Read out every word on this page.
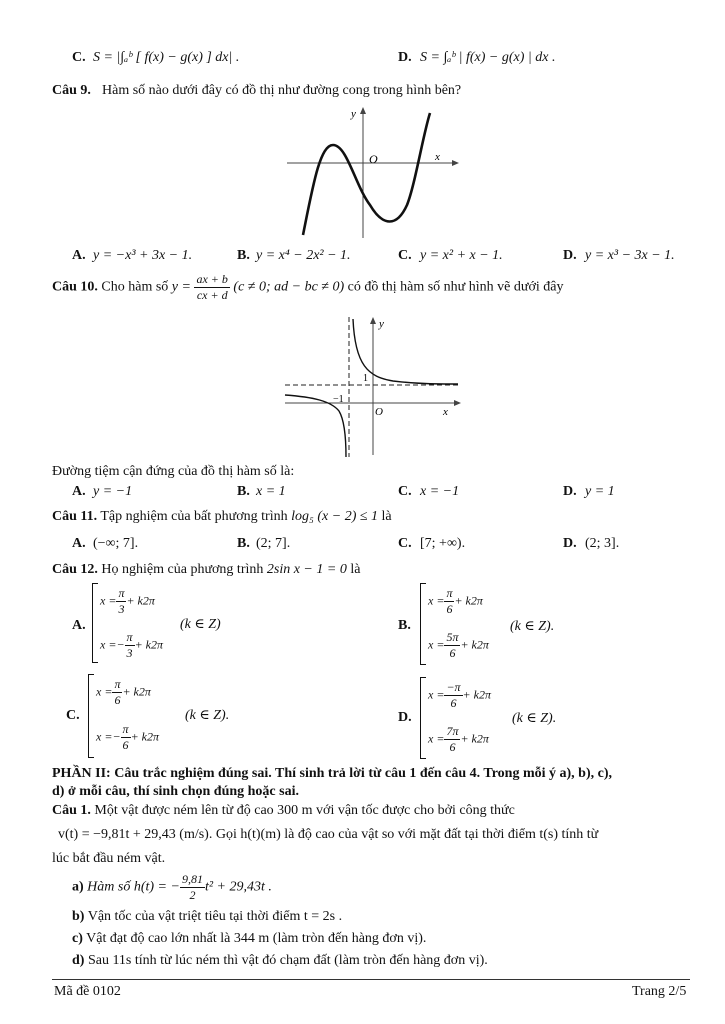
C. S = |∫ₐᵇ [ f(x) − g(x) ] dx| .	D. S = ∫ₐᵇ | f(x) − g(x) | dx .
Câu 9. Hàm số nào dưới đây có đồ thị như đường cong trong hình bên?
y
x
O
A. y = −x³ + 3x − 1.	B. y = x⁴ − 2x² − 1.	C. y = x² + x − 1.	D. y = x³ − 3x − 1.
Câu 10. Cho hàm số $y = \frac{ax + b}{cx + d} (c \ne 0$; ad − bc ≠ 0) có đồ thị hàm số như hình vẽ dưới đây
y
x
O
1
−1
Đường tiệm cận đứng của đồ thị hàm số là:
A. y = −1	B. x = 1	C. x = −1	D. y = 1
Câu 11. Tập nghiệm của bất phương trình log₅ (x − 2) ≤ 1 là
A. (−∞; 7].	B. (2; 7].	C. [7; +∞).	D. (2; 3].
Câu 12. Họ nghiệm của phương trình 2sin x − 1 = 0 là
A.
$x = \frac{\pi}{3} + k2\pi$
$x =- \frac{\pi}{3} + k2\pi$
(k ∈ Z)	B.
$x = \frac{\pi}{6} + k2\pi$
$x = \frac{5\pi}{6} + k2\pi$
(k ∈ Z).
C.
$x = \frac{\pi}{6} + k2\pi$
$x =- \frac{\pi}{6} + k2\pi$
(k ∈ Z).	D.
$x = \frac{-\pi}{6} + k2\pi$
$x = \frac{7\pi}{6} + k2\pi$
(k ∈ Z).
PHẦN II: Câu trắc nghiệm đúng sai. Thí sinh trả lời từ câu 1 đến câu 4. Trong mỗi ý a), b), c),
d) ở mỗi câu, thí sinh chọn đúng hoặc sai.
Câu 1. Một vật được ném lên từ độ cao 300 m với vận tốc được cho bởi công thức
v(t) = −9,81t + 29,43 (m/s). Gọi h(t)(m) là độ cao của vật so với mặt đất tại thời điểm t(s) tính từ
lúc bắt đầu ném vật.
a) Hàm số h(t) = − $\frac{9,81}{2} t^2 + 29,43t$ .
b) Vận tốc của vật triệt tiêu tại thời điểm t = 2s .
c) Vật đạt độ cao lớn nhất là 344 m (làm tròn đến hàng đơn vị).
d) Sau 11s tính từ lúc ném thì vật đó chạm đất (làm tròn đến hàng đơn vị).
Mã đề 0102	Trang 2/5
